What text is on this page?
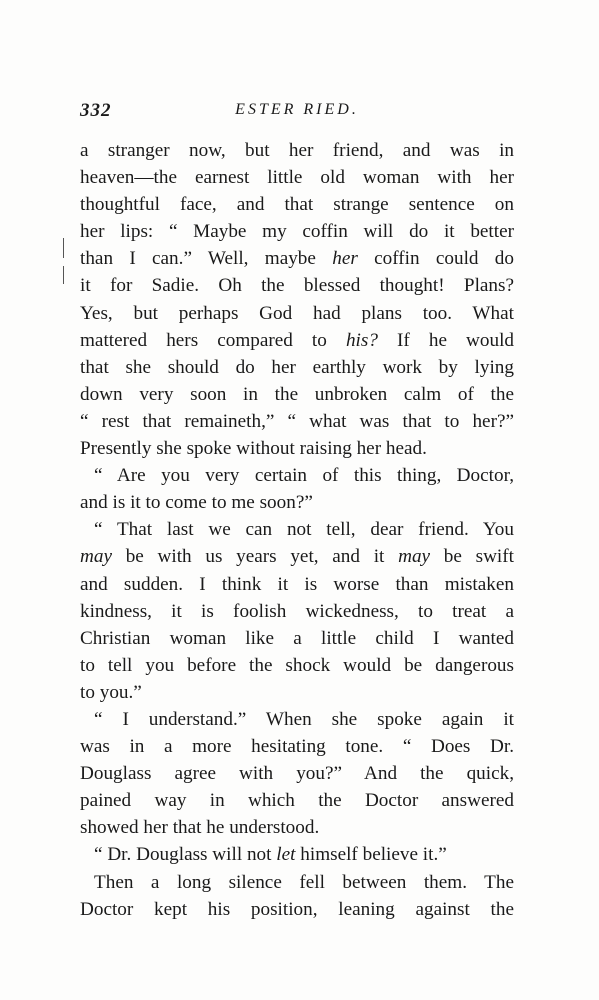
332	ESTER RIED.
a stranger now, but her friend, and was in
heaven—the earnest little old woman with her
thoughtful face, and that strange sentence on
her lips: “ Maybe my coffin will do it better
than I can.” Well, maybe her coffin could do
it for Sadie. Oh the blessed thought! Plans?
Yes, but perhaps God had plans too. What
mattered hers compared to his? If he would
that she should do her earthly work by lying
down very soon in the unbroken calm of the
“ rest that remaineth,” “ what was that to her?”
Presently she spoke without raising her head.
“ Are you very certain of this thing, Doctor,
and is it to come to me soon?”
“ That last we can not tell, dear friend. You
may be with us years yet, and it may be swift
and sudden. I think it is worse than mistaken
kindness, it is foolish wickedness, to treat a
Christian woman like a little child I wanted
to tell you before the shock would be dangerous
to you.”
“ I understand.” When she spoke again it
was in a more hesitating tone. “ Does Dr.
Douglass agree with you?” And the quick,
pained way in which the Doctor answered
showed her that he understood.
“ Dr. Douglass will not let himself believe it.”
Then a long silence fell between them. The
Doctor kept his position, leaning against the
